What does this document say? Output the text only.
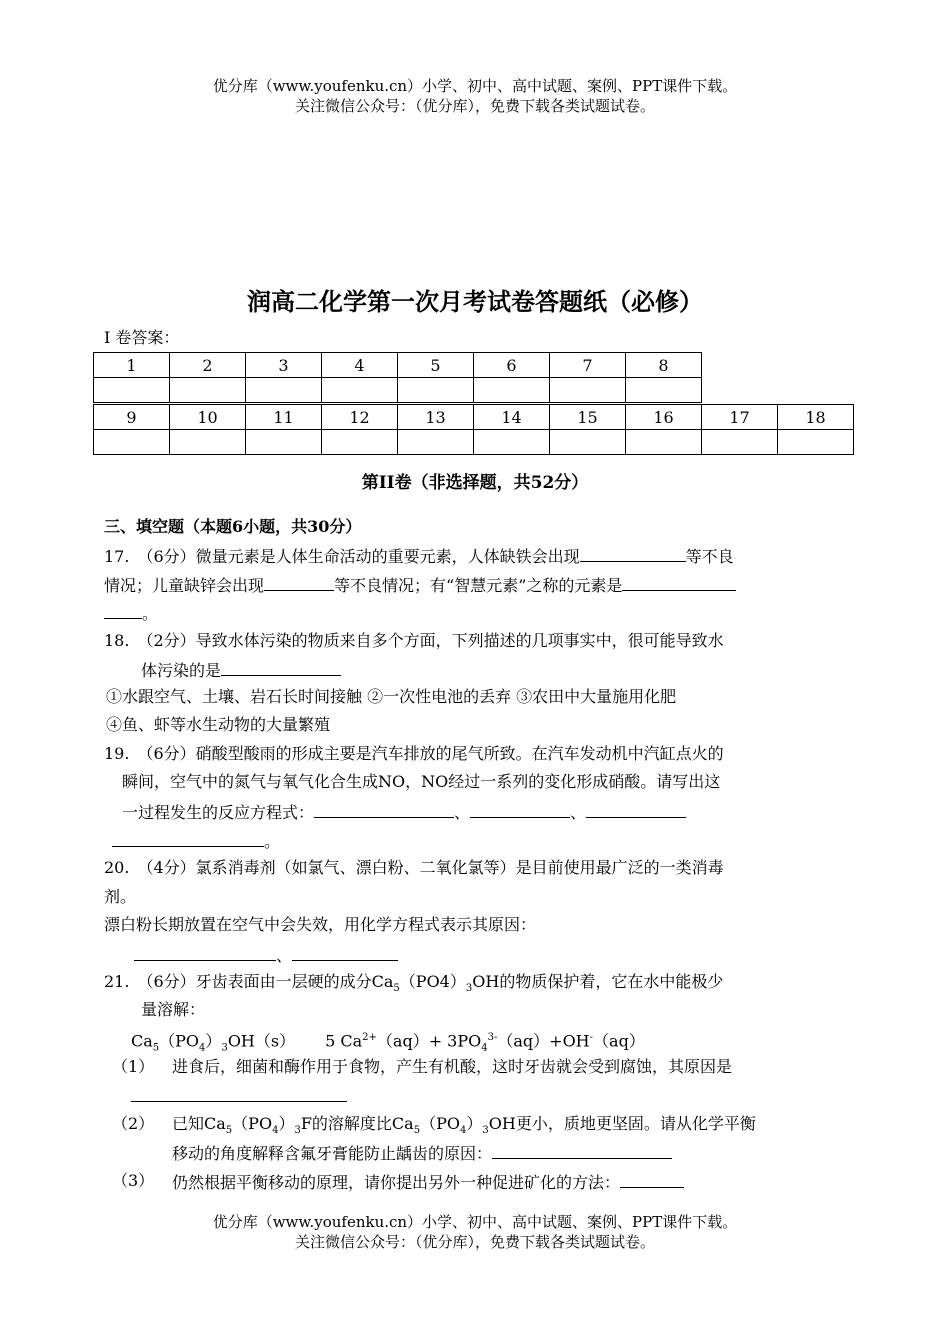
优分库（www.youfenku.cn）小学、初中、高中试题、案例、PPT课件下载。
关注微信公众号：（优分库），免费下载各类试题试卷。
润高二化学第一次月考试卷答题纸（必修）
Ⅰ 卷答案：
1	2	3	4	5	6	7	8

9	10	11	12	13	14	15	16	17	18

第II卷（非选择题，共52分）
三、填空题（本题6小题，共30分）
17.　（6分）微量元素是人体生命活动的重要元素，人体缺铁会出现	等不良
情况；儿童缺锌会出现	等不良情况；有“智慧元素”之称的元素是
。
18.　（2分）导致水体污染的物质来自多个方面，下列描述的几项事实中，很可能导致水
体污染的是
①水跟空气、土壤、岩石长时间接触 ②一次性电池的丢弃 ③农田中大量施用化肥
④鱼、虾等水生动物的大量繁殖
19.　（6分）硝酸型酸雨的形成主要是汽车排放的尾气所致。在汽车发动机中汽缸点火的
瞬间，空气中的氮气与氧气化合生成NO，NO经过一系列的变化形成硝酸。请写出这
一过程发生的反应方程式：	、	、
。
20.　（4分）氯系消毒剂（如氯气、漂白粉、二氧化氯等）是目前使用最广泛的一类消毒
剂。
漂白粉长期放置在空气中会失效，用化学方程式表示其原因：
、
21.　（6分）牙齿表面由一层硬的成分$Ca_5(PO4)_3OH$的物质保护着，它在水中能极少
量溶解：
$Ca_5(PO_4)_3OH(s)$ 5 $Ca^{2+}(aq)+ 3PO_4^{3-}(aq)+OH^-(aq)$
（1） 进食后，细菌和酶作用于食物，产生有机酸，这时牙齿就会受到腐蚀，其原因是
（2） 已知$Ca_5(PO_4)_3F$的溶解度比$Ca_5(PO_4)_3OH$更小，质地更坚固。请从化学平衡
移动的角度解释含氟牙膏能防止龋齿的原因：
（3） 仍然根据平衡移动的原理，请你提出另外一种促进矿化的方法：
优分库（www.youfenku.cn）小学、初中、高中试题、案例、PPT课件下载。
关注微信公众号：（优分库），免费下载各类试题试卷。
